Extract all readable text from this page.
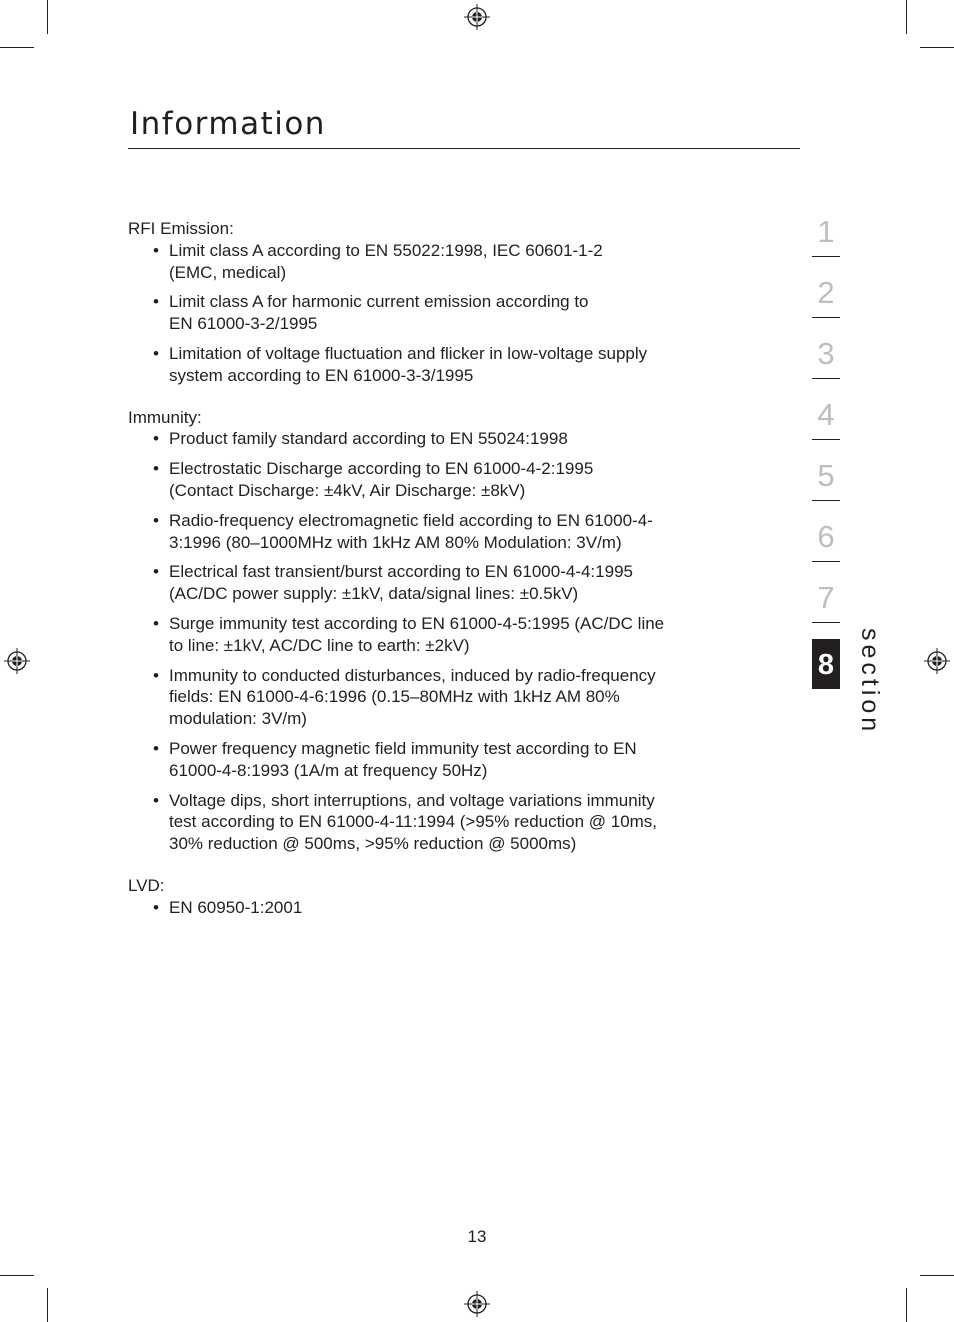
Information

RFI Emission:

• Limit class A according to EN 55022:1998, IEC 60601-1-2
(EMC, medical)
• Limit class A for harmonic current emission according to
EN 61000-3-2/1995
• Limitation of voltage fluctuation and flicker in low-voltage supply
system according to EN 61000-3-3/1995

Immunity:

• Product family standard according to EN 55024:1998
• Electrostatic Discharge according to EN 61000-4-2:1995
(Contact Discharge: ±4kV, Air Discharge: ±8kV)
• Radio-frequency electromagnetic field according to EN 61000-4-
3:1996 (80–1000MHz with 1kHz AM 80% Modulation: 3V/m)
• Electrical fast transient/burst according to EN 61000-4-4:1995
(AC/DC power supply: ±1kV, data/signal lines: ±0.5kV)
• Surge immunity test according to EN 61000-4-5:1995 (AC/DC line
to line: ±1kV, AC/DC line to earth: ±2kV)
• Immunity to conducted disturbances, induced by radio-frequency
fields: EN 61000-4-6:1996 (0.15–80MHz with 1kHz AM 80%
modulation: 3V/m)
• Power frequency magnetic field immunity test according to EN
61000-4-8:1993 (1A/m at frequency 50Hz)
• Voltage dips, short interruptions, and voltage variations immunity
test according to EN 61000-4-11:1994 (>95% reduction @ 10ms,
30% reduction @ 500ms, >95% reduction @ 5000ms)

LVD:

• EN 60950-1:2001
1
2
3
4
5
6
7
8 section
13
